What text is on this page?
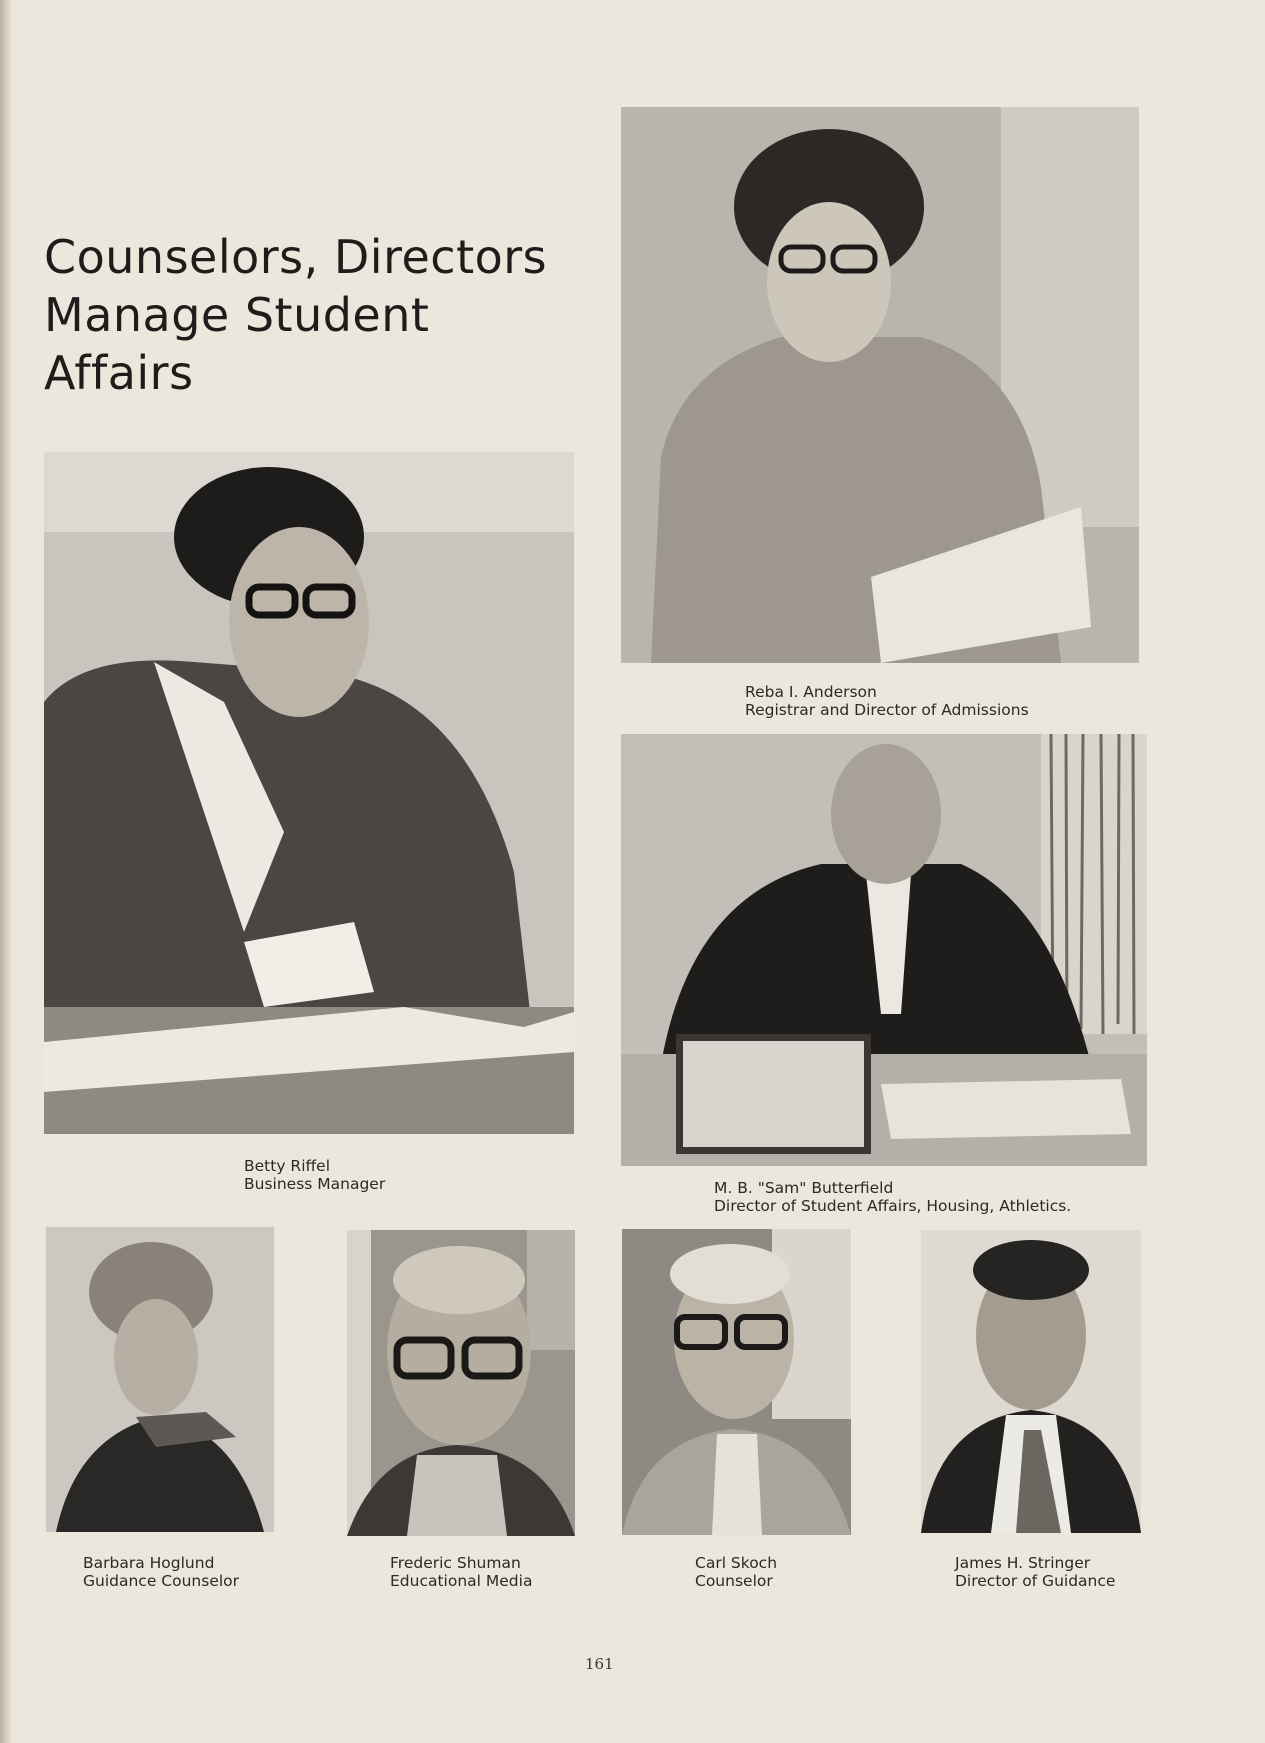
Counselors, Directors
Manage Student
Affairs
Reba I. Anderson
Registrar and Director of Admissions
Betty Riffel
Business Manager	M. B. "Sam" Butterfield
Director of Student Affairs, Housing, Athletics.
Barbara Hoglund
Guidance Counselor
Frederic Shuman
Educational Media
Carl Skoch
Counselor
James H. Stringer
Director of Guidance
161
